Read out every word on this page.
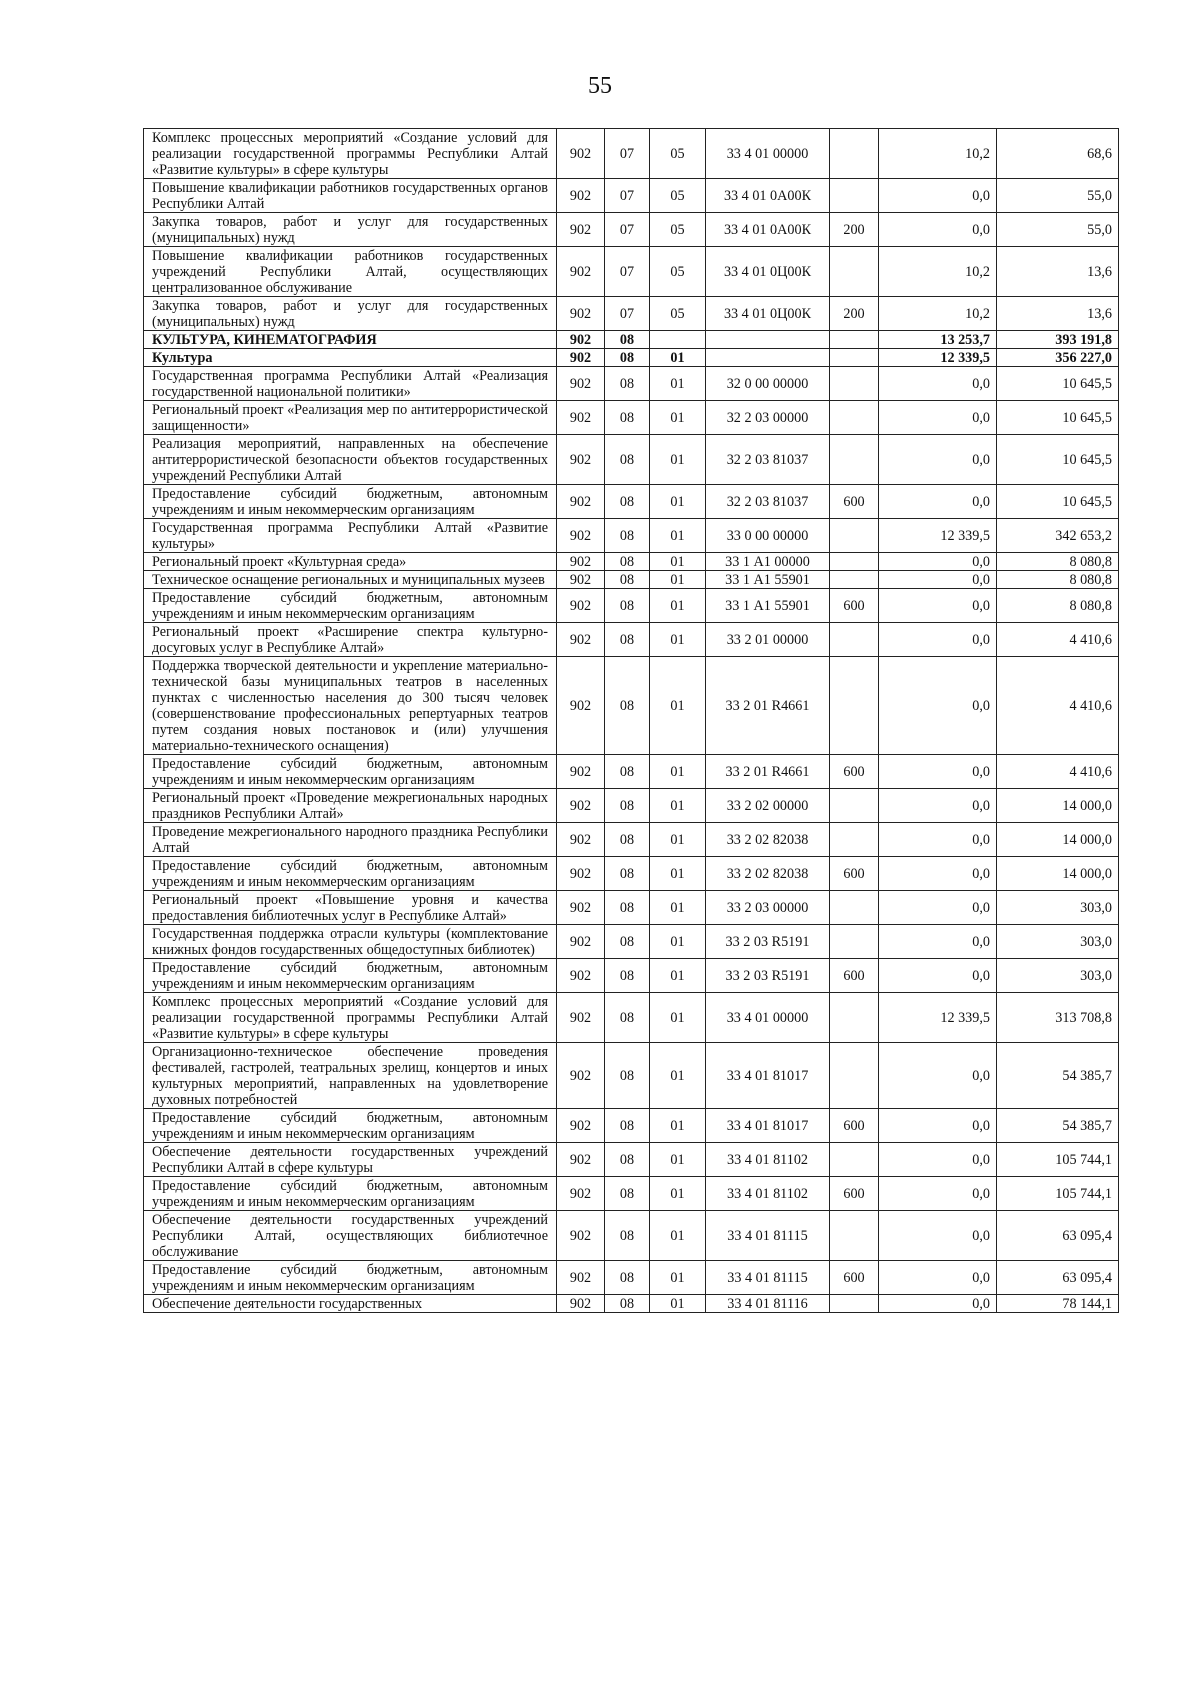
55
Комплекс процессных мероприятий «Создание условий для реализации государственной программы Республики Алтай «Развитие культуры» в сфере культуры	902	07	05	33 4 01 00000		10,2	68,6
Повышение квалификации работников государственных органов Республики Алтай	902	07	05	33 4 01 0А00К		0,0	55,0
Закупка товаров, работ и услуг для государственных (муниципальных) нужд	902	07	05	33 4 01 0А00К	200	0,0	55,0
Повышение квалификации работников государственных учреждений Республики Алтай, осуществляющих централизованное обслуживание	902	07	05	33 4 01 0Ц00К		10,2	13,6
Закупка товаров, работ и услуг для государственных (муниципальных) нужд	902	07	05	33 4 01 0Ц00К	200	10,2	13,6
КУЛЬТУРА, КИНЕМАТОГРАФИЯ	902	08				13 253,7	393 191,8
Культура	902	08	01			12 339,5	356 227,0
Государственная программа Республики Алтай «Реализация государственной национальной политики»	902	08	01	32 0 00 00000		0,0	10 645,5
Региональный проект «Реализация мер по антитеррористической защищенности»	902	08	01	32 2 03 00000		0,0	10 645,5
Реализация мероприятий, направленных на обеспечение антитеррористической безопасности объектов государственных учреждений Республики Алтай	902	08	01	32 2 03 81037		0,0	10 645,5
Предоставление субсидий бюджетным, автономным учреждениям и иным некоммерческим организациям	902	08	01	32 2 03 81037	600	0,0	10 645,5
Государственная программа Республики Алтай «Развитие культуры»	902	08	01	33 0 00 00000		12 339,5	342 653,2
Региональный проект «Культурная среда»	902	08	01	33 1 А1 00000		0,0	8 080,8
Техническое оснащение региональных и муниципальных музеев	902	08	01	33 1 А1 55901		0,0	8 080,8
Предоставление субсидий бюджетным, автономным учреждениям и иным некоммерческим организациям	902	08	01	33 1 А1 55901	600	0,0	8 080,8
Региональный проект «Расширение спектра культурно-досуговых услуг в Республике Алтай»	902	08	01	33 2 01 00000		0,0	4 410,6
Поддержка творческой деятельности и укрепление материально-технической базы муниципальных театров в населенных пунктах с численностью населения до 300 тысяч человек (совершенствование профессиональных репертуарных театров путем создания новых постановок и (или) улучшения материально-технического оснащения)	902	08	01	33 2 01 R4661		0,0	4 410,6
Предоставление субсидий бюджетным, автономным учреждениям и иным некоммерческим организациям	902	08	01	33 2 01 R4661	600	0,0	4 410,6
Региональный проект «Проведение межрегиональных народных праздников Республики Алтай»	902	08	01	33 2 02 00000		0,0	14 000,0
Проведение межрегионального народного праздника Республики Алтай	902	08	01	33 2 02 82038		0,0	14 000,0
Предоставление субсидий бюджетным, автономным учреждениям и иным некоммерческим организациям	902	08	01	33 2 02 82038	600	0,0	14 000,0
Региональный проект «Повышение уровня и качества предоставления библиотечных услуг в Республике Алтай»	902	08	01	33 2 03 00000		0,0	303,0
Государственная поддержка отрасли культуры (комплектование книжных фондов государственных общедоступных библиотек)	902	08	01	33 2 03 R5191		0,0	303,0
Предоставление субсидий бюджетным, автономным учреждениям и иным некоммерческим организациям	902	08	01	33 2 03 R5191	600	0,0	303,0
Комплекс процессных мероприятий «Создание условий для реализации государственной программы Республики Алтай «Развитие культуры» в сфере культуры	902	08	01	33 4 01 00000		12 339,5	313 708,8
Организационно-техническое обеспечение проведения фестивалей, гастролей, театральных зрелищ, концертов и иных культурных мероприятий, направленных на удовлетворение духовных потребностей	902	08	01	33 4 01 81017		0,0	54 385,7
Предоставление субсидий бюджетным, автономным учреждениям и иным некоммерческим организациям	902	08	01	33 4 01 81017	600	0,0	54 385,7
Обеспечение деятельности государственных учреждений Республики Алтай в сфере культуры	902	08	01	33 4 01 81102		0,0	105 744,1
Предоставление субсидий бюджетным, автономным учреждениям и иным некоммерческим организациям	902	08	01	33 4 01 81102	600	0,0	105 744,1
Обеспечение деятельности государственных учреждений Республики Алтай, осуществляющих библиотечное обслуживание	902	08	01	33 4 01 81115		0,0	63 095,4
Предоставление субсидий бюджетным, автономным учреждениям и иным некоммерческим организациям	902	08	01	33 4 01 81115	600	0,0	63 095,4
Обеспечение деятельности государственных	902	08	01	33 4 01 81116		0,0	78 144,1
